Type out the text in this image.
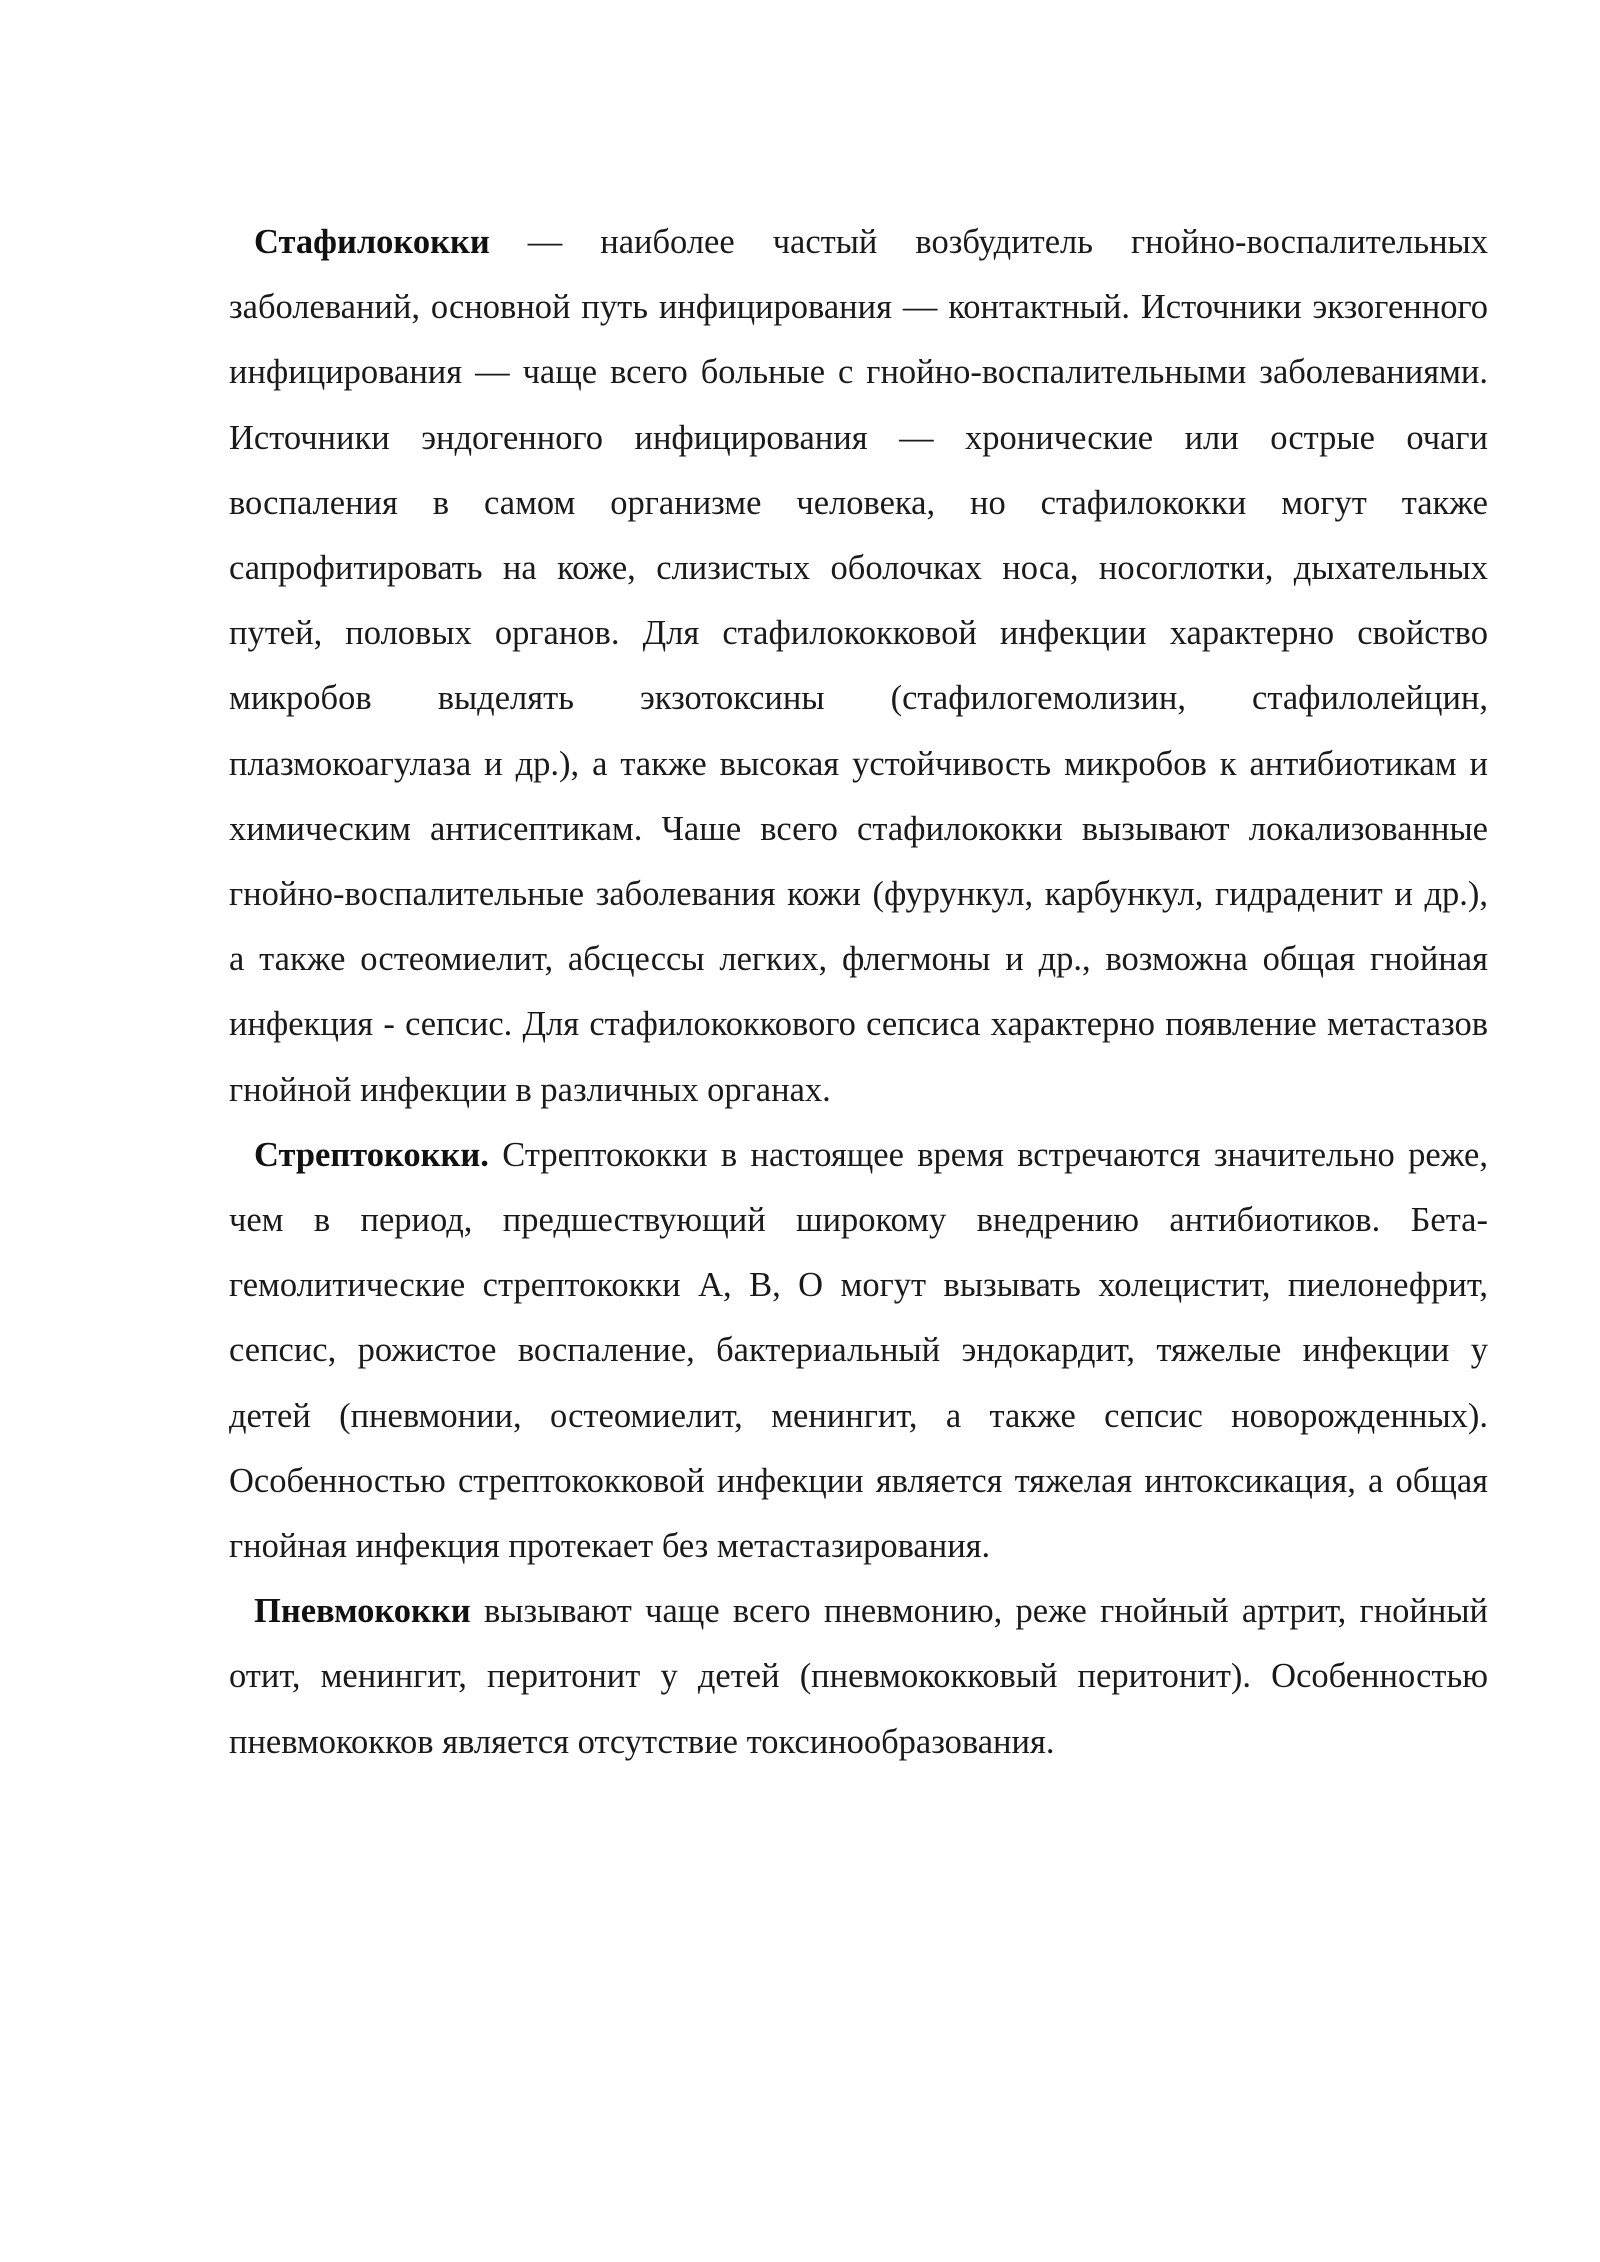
Стафилококки — наиболее частый возбудитель гнойно-воспалительных заболеваний, основной путь инфицирования — контактный. Источники экзогенного инфицирования — чаще всего больные с гнойно-воспалительными заболеваниями. Источники эндогенного инфицирования — хронические или острые очаги воспаления в самом организме человека, но стафилококки могут также сапрофитировать на коже, слизистых оболочках носа, носоглотки, дыхательных путей, половых органов. Для стафилококковой инфекции характерно свойство микробов выделять экзотоксины (стафилогемолизин, стафилолейцин, плазмокоагулаза и др.), а также высокая устойчивость микробов к антибиотикам и химическим антисептикам. Чаше всего стафилококки вызывают локализованные гнойно-воспалительные заболевания кожи (фурункул, карбункул, гидраденит и др.), а также остеомиелит, абсцессы легких, флегмоны и др., возможна общая гнойная инфекция - сепсис. Для стафилококкового сепсиса характерно появление метастазов гнойной инфекции в различных органах.

Стрептококки. Стрептококки в настоящее время встречаются значительно реже, чем в период, предшествующий широкому внедрению антибиотиков. Бета-гемолитические стрептококки А, В, О могут вызывать холецистит, пиелонефрит, сепсис, рожистое воспаление, бактериальный эндокардит, тяжелые инфекции у детей (пневмонии, остеомиелит, менингит, а также сепсис новорожденных). Особенностью стрептококковой инфекции является тяжелая интоксикация, а общая гнойная инфекция протекает без метастазирования.

Пневмококки вызывают чаще всего пневмонию, реже гнойный артрит, гнойный отит, менингит, перитонит у детей (пневмококковый перитонит). Особенностью пневмококков является отсутствие токсинообразования.
